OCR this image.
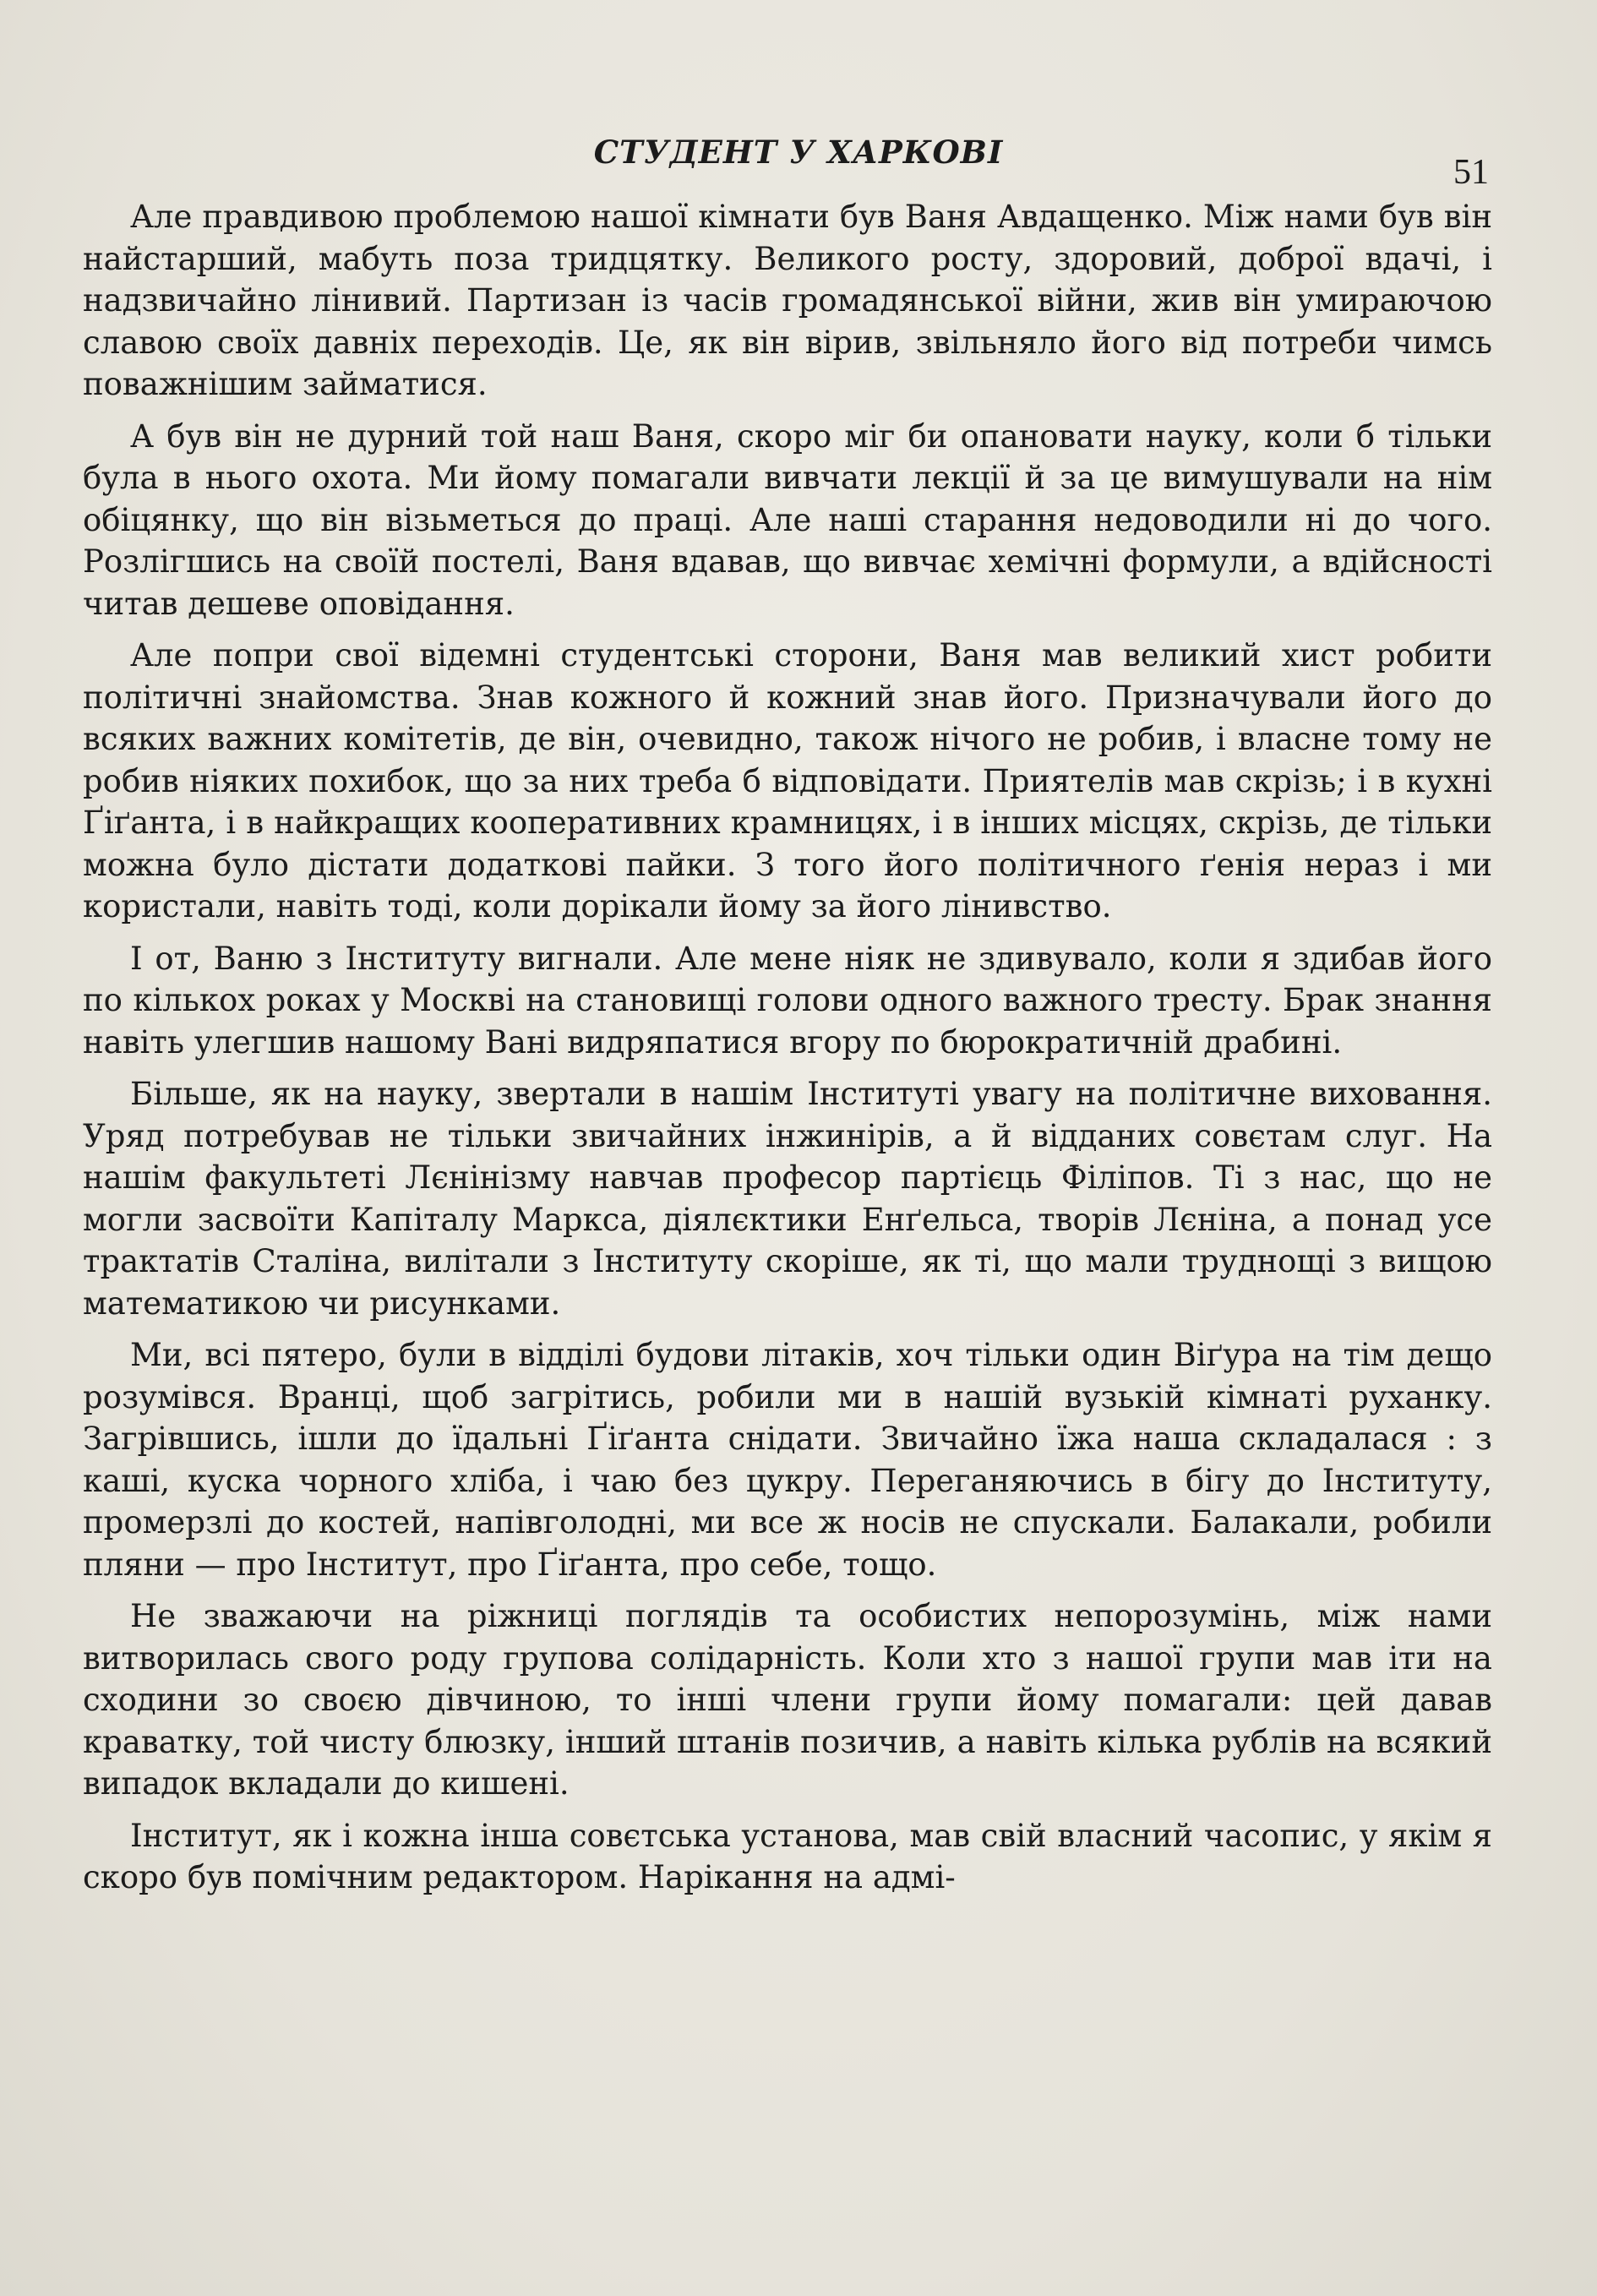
СТУДЕНТ У ХАРКОВІ
51

Але правдивою проблемою нашої кімнати був Ваня Авдащенко. Між нами був він найстарший, мабуть поза тридцятку. Великого росту, здоровий, доброї вдачі, і надзвичайно лінивий. Партизан із часів громадянської війни, жив він умираючою славою своїх давніх переходів. Це, як він вірив, звільняло його від потреби чимсь поважнішим займатися.

А був він не дурний той наш Ваня, скоро міг би опановати науку, коли б тільки була в нього охота. Ми йому помагали вивчати лекції й за це вимушували на нім обіцянку, що він візьметься до праці. Але наші старання недоводили ні до чого. Розлігшись на своїй постелі, Ваня вдавав, що вивчає хемічні формули, а вдійсності читав дешеве оповідання.

Але попри свої відемні студентські сторони, Ваня мав великий хист робити політичні знайомства. Знав кожного й кожний знав його. Призначували його до всяких важних комітетів, де він, очевидно, також нічого не робив, і власне тому не робив ніяких похибок, що за них треба б відповідати. Приятелів мав скрізь; і в кухні Ґіґанта, і в найкращих кооперативних крамницях, і в інших місцях, скрізь, де тільки можна було дістати додаткові пайки. З того його політичного ґенія нераз і ми користали, навіть тоді, коли дорікали йому за його лінивство.

І от, Ваню з Інституту вигнали. Але мене ніяк не здивувало, коли я здибав його по кількох роках у Москві на становищі голови одного важного тресту. Брак знання навіть улегшив нашому Вані видряпатися вгору по бюрократичній драбині.

Більше, як на науку, звертали в нашім Інституті увагу на політичне виховання. Уряд потребував не тільки звичайних інжинірів, а й відданих совєтам слуг. На нашім факультеті Лєнінізму навчав професор партієць Філіпов. Ті з нас, що не могли засвоїти Капіталу Маркса, діялєктики Енґельса, творів Лєніна, а понад усе трактатів Сталіна, вилітали з Інституту скоріше, як ті, що мали труднощі з вищою математикою чи рисунками.

Ми, всі пятеро, були в відділі будови літаків, хоч тільки один Віґура на тім дещо розумівся. Вранці, щоб загрітись, робили ми в нашій вузькій кімнаті руханку. Загрівшись, ішли до їдальні Ґіґанта снідати. Звичайно їжа наша складалася : з каші, куска чорного хліба, і чаю без цукру. Переганяючись в бігу до Інституту, промерзлі до костей, напівголодні, ми все ж носів не спускали. Балакали, робили пляни — про Інститут, про Ґіґанта, про себе, тощо.

Не зважаючи на ріжниці поглядів та особистих непорозумінь, між нами витворилась свого роду групова солідарність. Коли хто з нашої групи мав іти на сходини зо своєю дівчиною, то інші члени групи йому помагали: цей давав краватку, той чисту блюзку, інший штанів позичив, а навіть кілька рублів на всякий випадок вкладали до кишені.

Інститут, як і кожна інша совєтська установа, мав свій власний часопис, у якім я скоро був помічним редактором. Нарікання на адмі-
